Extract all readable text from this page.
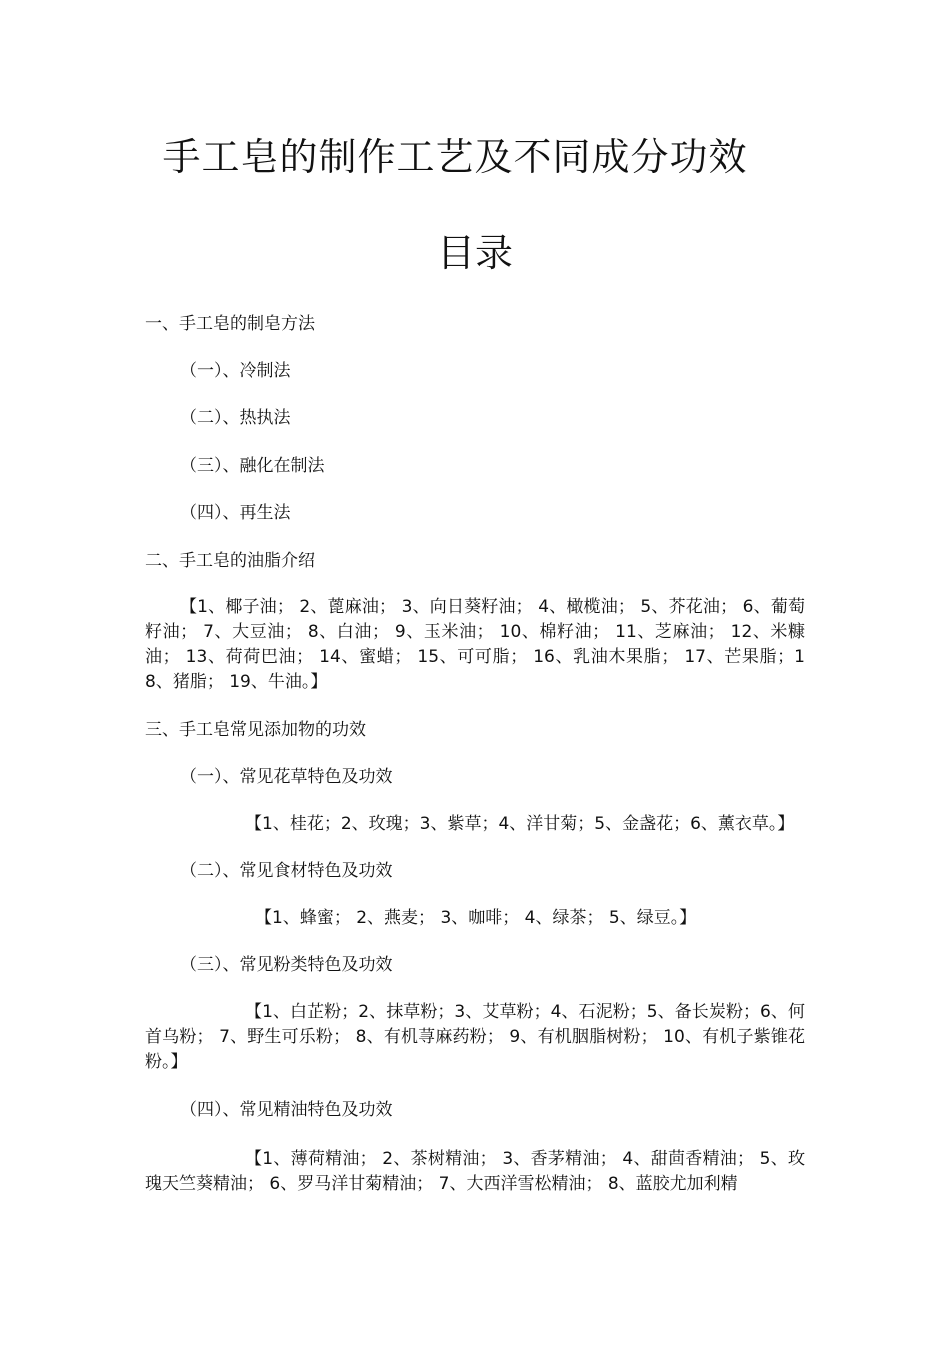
手工皂的制作工艺及不同成分功效
目录
一、手工皂的制皂方法
（一）、冷制法
（二）、热执法
（三）、融化在制法
（四）、再生法
二、手工皂的油脂介绍
【1、椰子油； 2、蓖麻油； 3、向日葵籽油； 4、橄榄油； 5、芥花油； 6、葡萄籽油； 7、大豆油； 8、白油； 9、玉米油； 10、棉籽油； 11、芝麻油； 12、米糠油； 13、荷荷巴油； 14、蜜蜡； 15、可可脂； 16、乳油木果脂； 17、芒果脂；18、猪脂； 19、牛油。】
三、手工皂常见添加物的功效
（一）、常见花草特色及功效
【1、桂花；2、玫瑰；3、紫草；4、洋甘菊；5、金盏花；6、薰衣草。】
（二）、常见食材特色及功效
【1、蜂蜜； 2、燕麦； 3、咖啡； 4、绿茶； 5、绿豆。】
（三）、常见粉类特色及功效
【1、白芷粉；2、抹草粉；3、艾草粉；4、石泥粉；5、备长炭粉；6、何首乌粉； 7、野生可乐粉； 8、有机荨麻药粉； 9、有机胭脂树粉； 10、有机子紫锥花粉。】
（四）、常见精油特色及功效
【1、薄荷精油； 2、茶树精油； 3、香茅精油； 4、甜茴香精油； 5、玫瑰天竺葵精油； 6、罗马洋甘菊精油； 7、大西洋雪松精油； 8、蓝胶尤加利精
